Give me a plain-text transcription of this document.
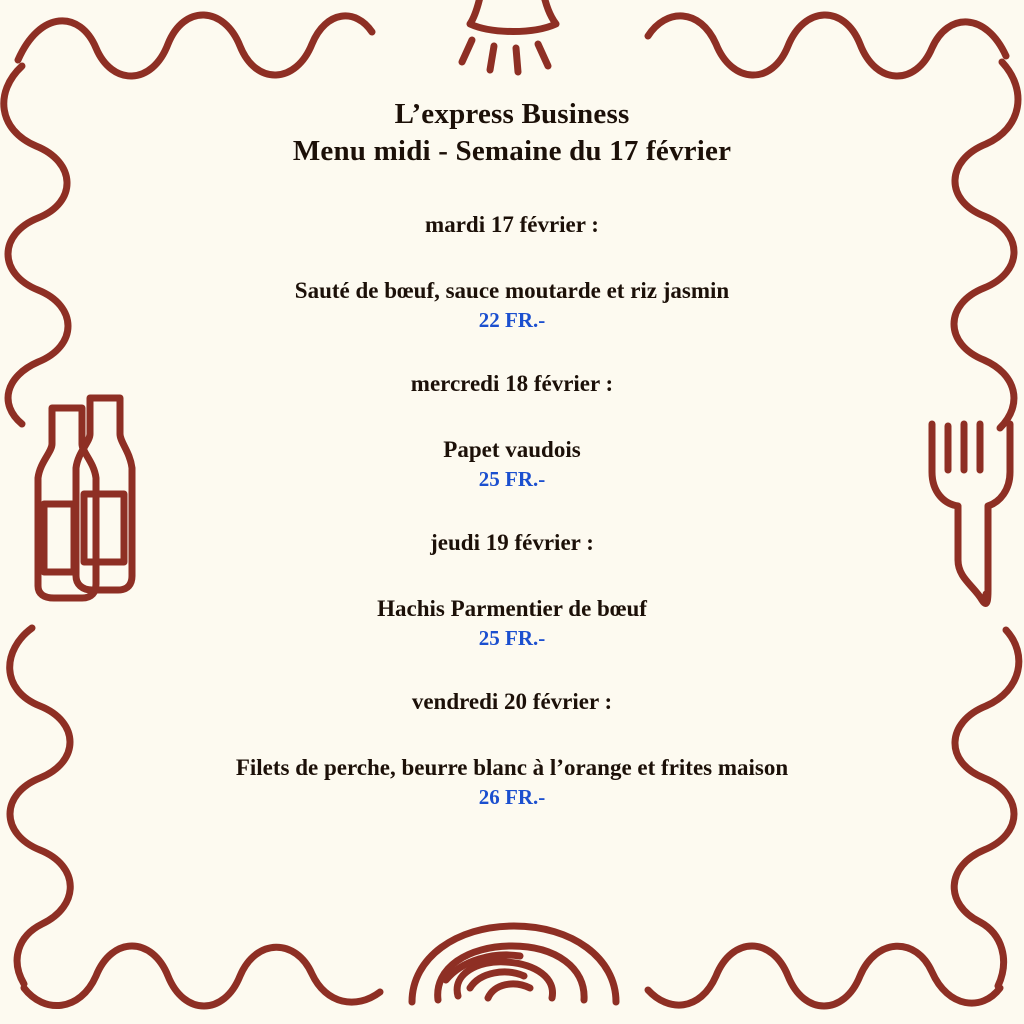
L’express Business
Menu midi - Semaine du 17 février
mardi 17 février :
Sauté de bœuf, sauce moutarde et riz jasmin
22 FR.-
mercredi 18 février :
Papet vaudois
25 FR.-
jeudi 19 février :
Hachis Parmentier de bœuf
25 FR.-
vendredi 20 février :
Filets de perche, beurre blanc à l’orange et frites maison
26 FR.-
